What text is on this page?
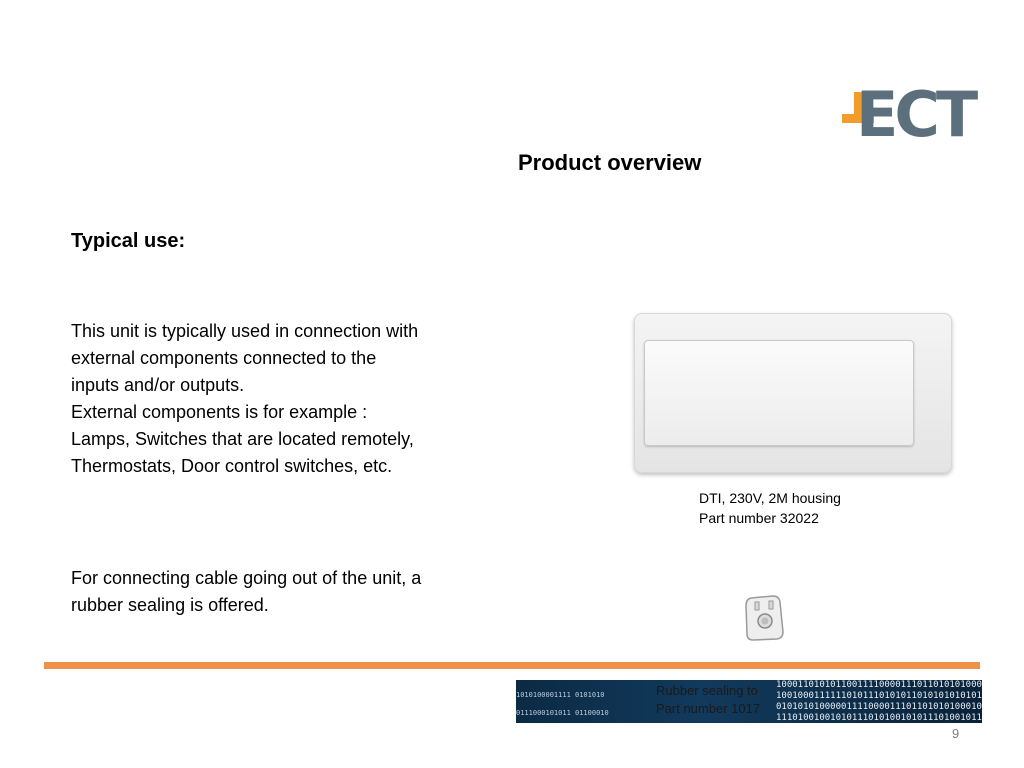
ECT
Product overview
Typical use:

This unit is typically used in connection with
external components connected to the
inputs and/or outputs.
External components is for example :
Lamps, Switches that are located remotely,
Thermostats, Door control switches, etc.

For connecting cable going out of the unit, a
rubber sealing is offered.

DTI, 230V, 2M housing
Part number 32022
1010100001111 0101010
0111000101011 01100010
10001101010110011110000111011010101000
10010001111110101110101011010101010101
01010101000001111000011101101010100010
11101001001010111010100101011101001011
Rubber sealing to
Part number 1017
9
